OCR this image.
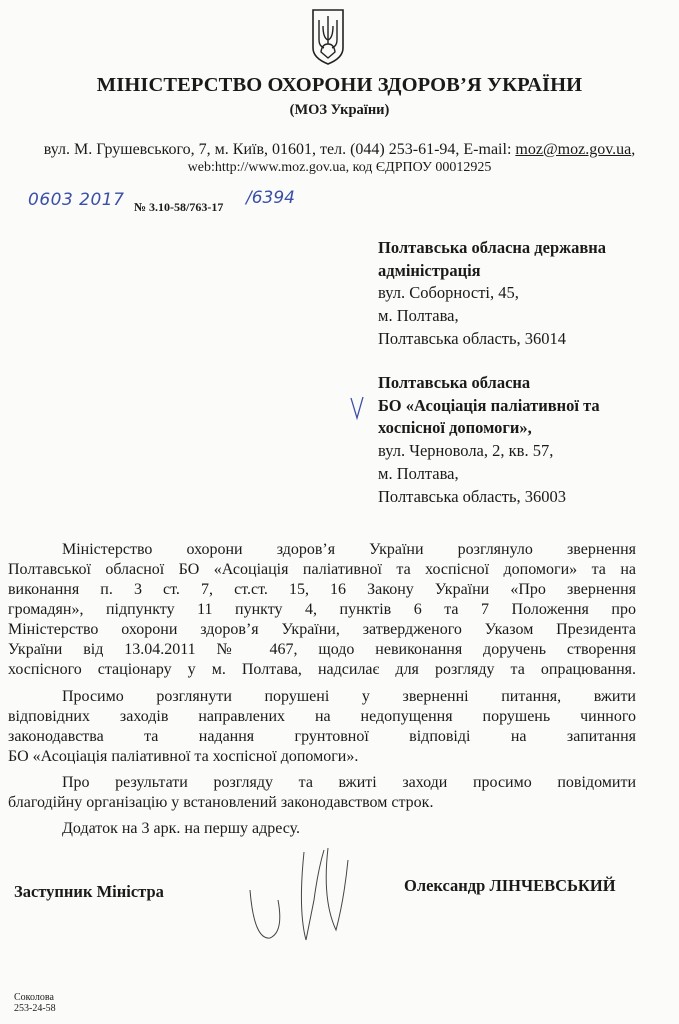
МІНІСТЕРСТВО ОХОРОНИ ЗДОРОВ’Я УКРАЇНИ
(МОЗ України)
вул. М. Грушевського, 7, м. Київ, 01601, тел. (044) 253-61-94, E-mail: moz@moz.gov.ua,
web:http://www.moz.gov.ua, код ЄДРПОУ 00012925
0603 2017 № 3.10-58/763-17 /6394
Полтавська обласна державна
адміністрація
вул. Соборності, 45,
м. Полтава,
Полтавська область, 36014
Полтавська обласна
БО «Асоціація паліативної та
хоспісної допомоги»,
вул. Черновола, 2, кв. 57,
м. Полтава,
Полтавська область, 36003
Міністерство охорони здоров’я України розглянуло звернення
Полтавської обласної БО «Асоціація паліативної та хоспісної допомоги» та на
виконання п. 3 ст. 7, ст.ст. 15, 16 Закону України «Про звернення
громадян», підпункту 11 пункту 4, пунктів 6 та 7 Положення про
Міністерство охорони здоров’я України, затвердженого Указом Президента
України від 13.04.2011 № 467, щодо невиконання доручень створення
хоспісного стаціонару у м. Полтава, надсилає для розгляду та опрацювання.
Просимо розглянути порушені у зверненні питання, вжити
відповідних заходів направлених на недопущення порушень чинного
законодавства та надання грунтовної відповіді на запитання
БО «Асоціація паліативної та хоспісної допомоги».
Про результати розгляду та вжиті заходи просимо повідомити
благодійну організацію у встановлений законодавством строк.
Додаток на 3 арк. на першу адресу.
Заступник Міністра	Олександр ЛІНЧЕВСЬКИЙ
Соколова
253-24-58
